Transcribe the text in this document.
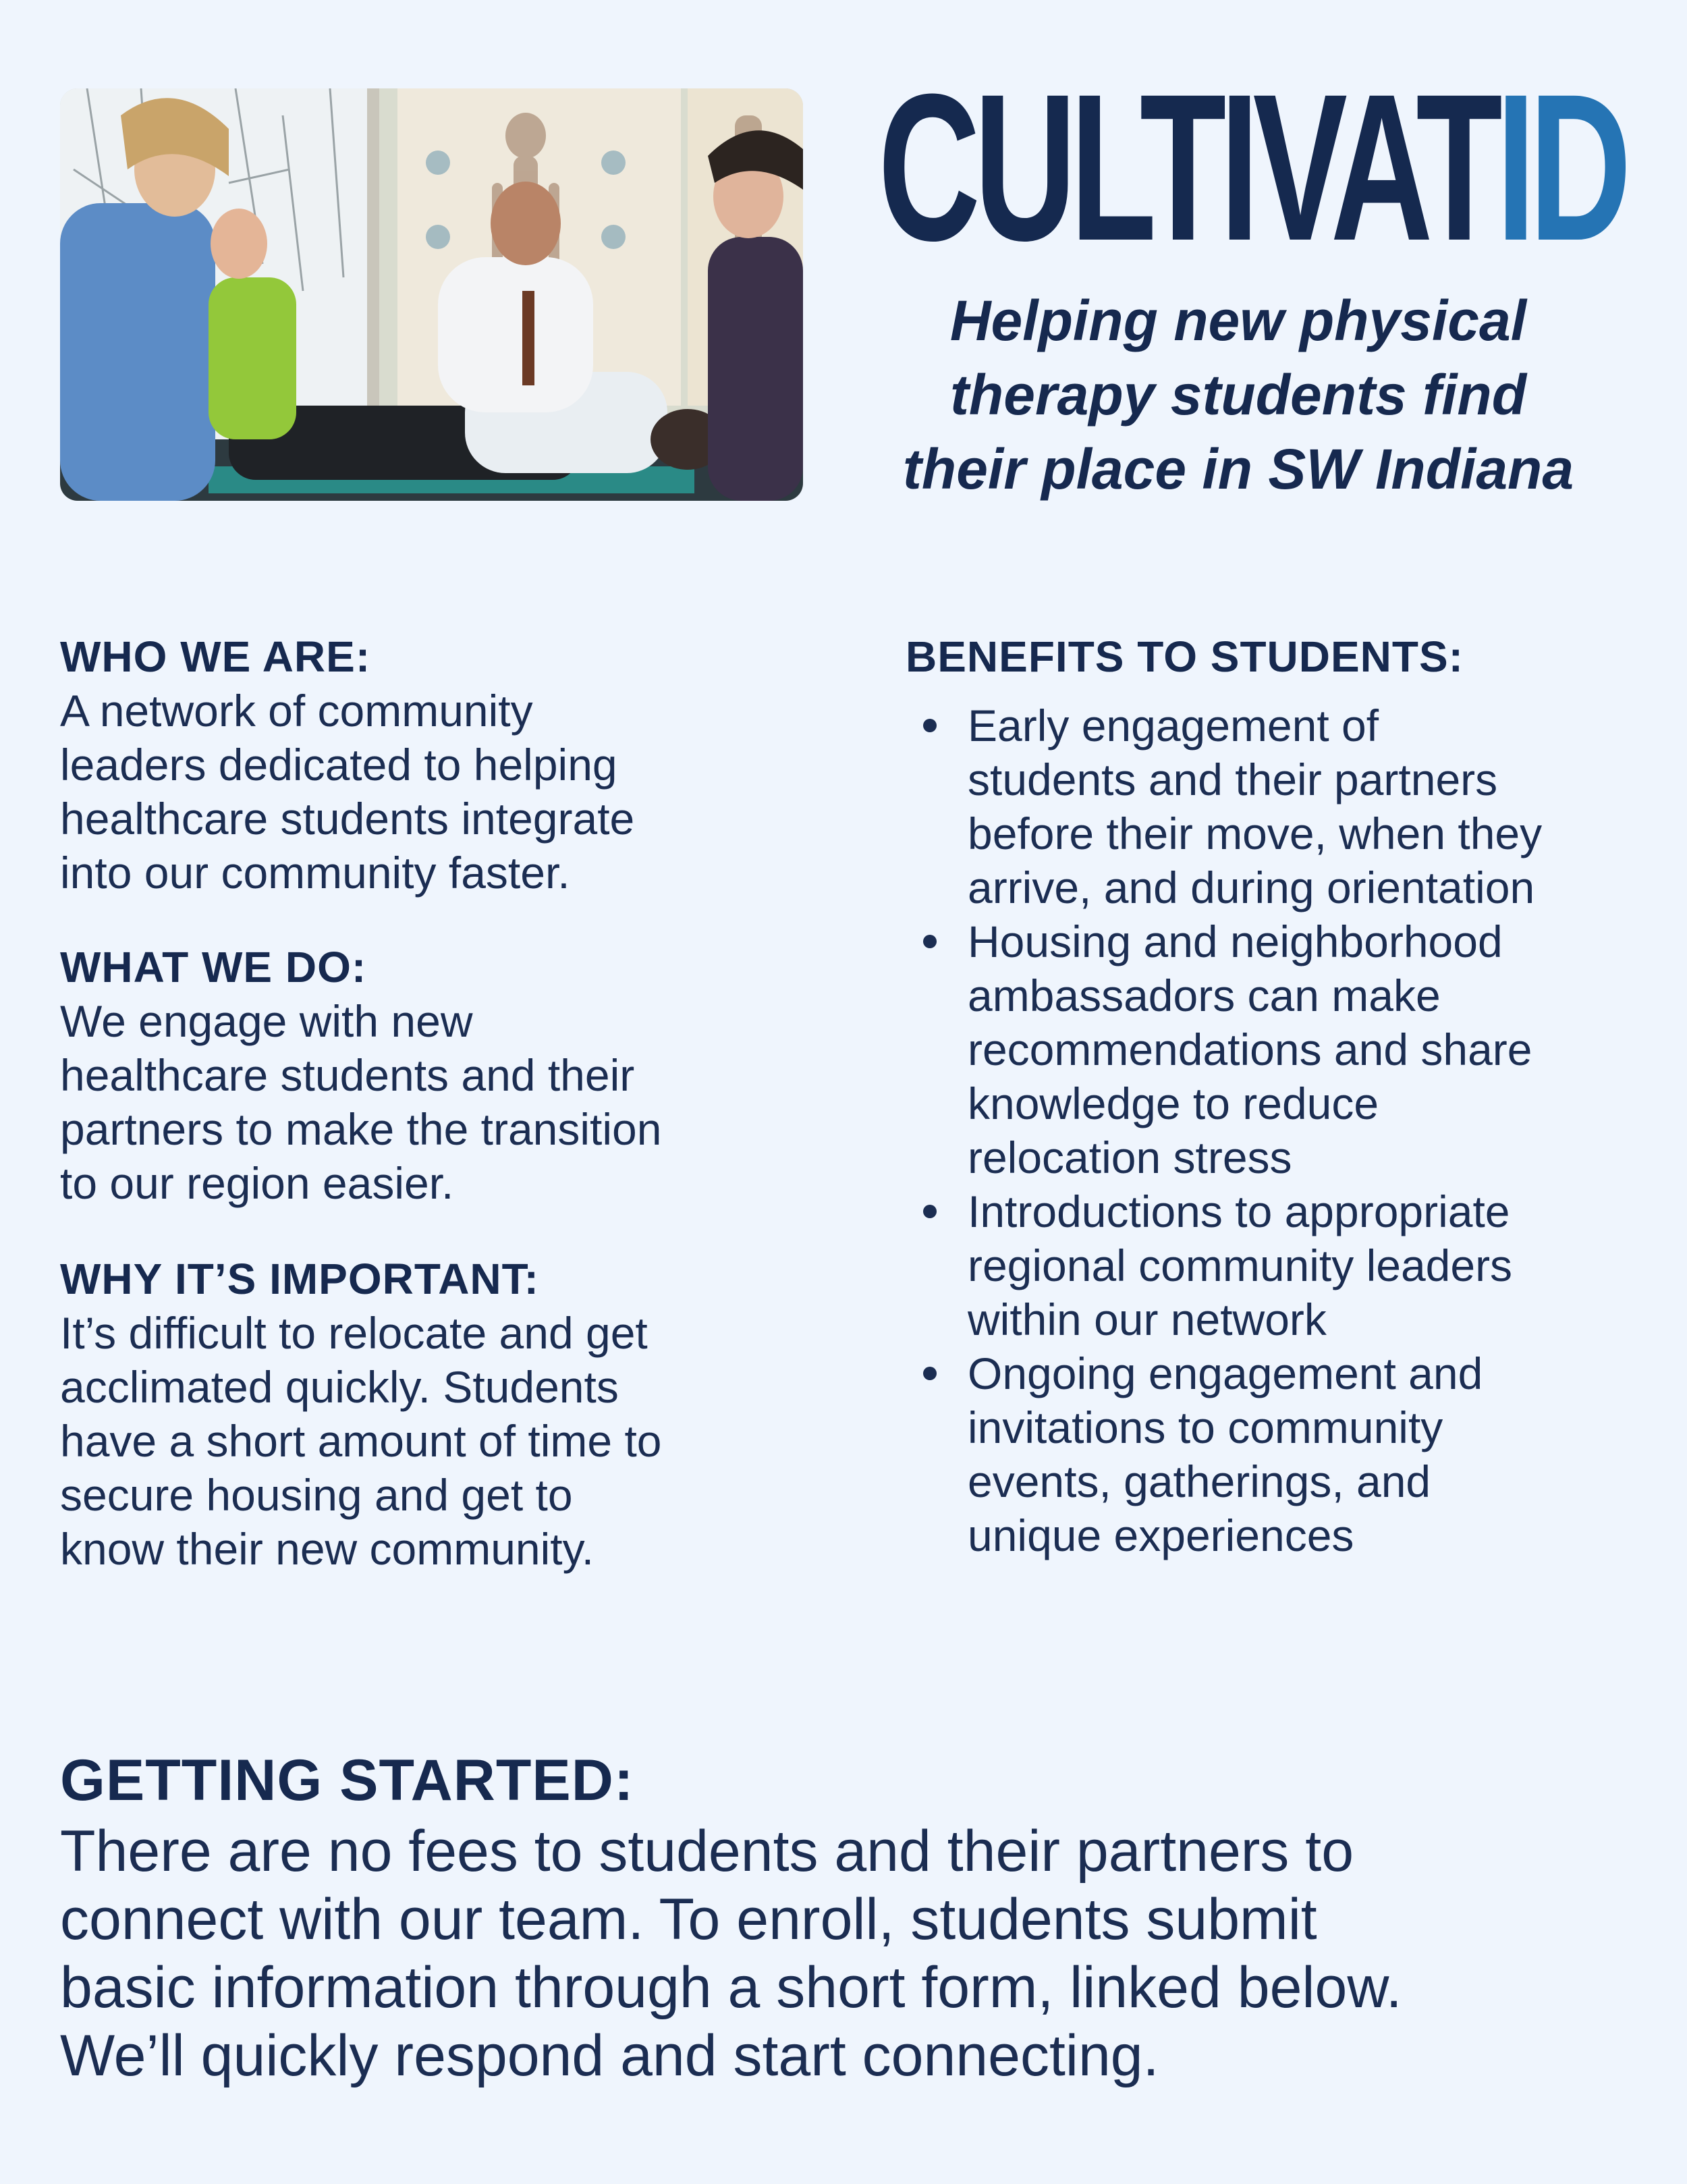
CULTIVATID
Helping new physical
therapy students find
their place in SW Indiana
WHO WE ARE:
A network of community
leaders dedicated to helping
healthcare students integrate
into our community faster.
WHAT WE DO:
We engage with new
healthcare students and their
partners to make the transition
to our region easier.
WHY IT’S IMPORTANT:
It’s difficult to relocate and get
acclimated quickly. Students
have a short amount of time to
secure housing and get to
know their new community.
BENEFITS TO STUDENTS:
Early engagement of
students and their partners
before their move, when they
arrive, and during orientation
Housing and neighborhood
ambassadors can make
recommendations and share
knowledge to reduce
relocation stress
Introductions to appropriate
regional community leaders
within our network
Ongoing engagement and
invitations to community
events, gatherings, and
unique experiences
GETTING STARTED:
There are no fees to students and their partners to
connect with our team. To enroll, students submit
basic information through a short form, linked below.
We’ll quickly respond and start connecting.
